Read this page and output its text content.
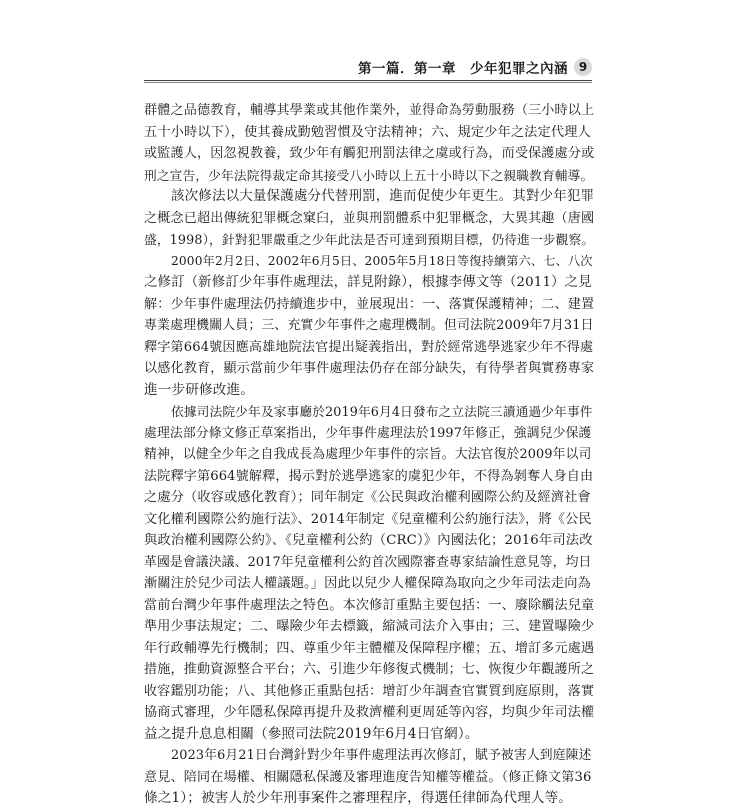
第一篇．第一章　少年犯罪之內涵 9
群體之品德教育，輔導其學業或其他作業外，並得命為勞動服務（三小時以上
五十小時以下），使其養成勤勉習慣及守法精神；六、規定少年之法定代理人
或監護人，因忽視教養，致少年有觸犯刑罰法律之虞或行為，而受保護處分或
刑之宣告，少年法院得裁定命其接受八小時以上五十小時以下之親職教育輔導。
該次修法以大量保護處分代替刑罰，進而促使少年更生。其對少年犯罪
之概念已超出傳統犯罪概念窠臼，並與刑罰體系中犯罪概念，大異其趣（唐國
盛，1998），針對犯罪嚴重之少年此法是否可達到預期目標，仍待進一步觀察。
2000年2月2日、2002年6月5日、2005年5月18日等復持續第六、七、八次
之修訂（新修訂少年事件處理法，詳見附錄），根據李傳文等（2011）之見
解：少年事件處理法仍持續進步中，並展現出：一、落實保護精神；二、建置
專業處理機關人員；三、充實少年事件之處理機制。但司法院2009年7月31日
釋字第664號因應高雄地院法官提出疑義指出，對於經常逃學逃家少年不得處
以感化教育，顯示當前少年事件處理法仍存在部分缺失，有待學者與實務專家
進一步研修改進。
依據司法院少年及家事廳於2019年6月4日發布之立法院三讀通過少年事件
處理法部分條文修正草案指出，少年事件處理法於1997年修正，強調兒少保護
精神，以健全少年之自我成長為處理少年事件的宗旨。大法官復於2009年以司
法院釋字第664號解釋，揭示對於逃學逃家的虞犯少年，不得為剝奪人身自由
之處分（收容或感化教育）；同年制定《公民與政治權利國際公約及經濟社會
文化權利國際公約施行法》、2014年制定《兒童權利公約施行法》，將《公民
與政治權利國際公約》、《兒童權利公約（CRC）》內國法化；2016年司法改
革國是會議決議、2017年兒童權利公約首次國際審查專家結論性意見等，均日
漸關注於兒少司法人權議題。」因此以兒少人權保障為取向之少年司法走向為
當前台灣少年事件處理法之特色。本次修訂重點主要包括：一、廢除觸法兒童
準用少事法規定；二、曝險少年去標籤，縮減司法介入事由；三、建置曝險少
年行政輔導先行機制；四、尊重少年主體權及保障程序權；五、增訂多元處遇
措施，推動資源整合平台；六、引進少年修復式機制；七、恢復少年觀護所之
收容鑑別功能；八、其他修正重點包括：增訂少年調查官實質到庭原則，落實
協商式審理，少年隱私保障再提升及救濟權利更周延等內容，均與少年司法權
益之提升息息相關（參照司法院2019年6月4日官網）。
2023年6月21日台灣針對少年事件處理法再次修訂，賦予被害人到庭陳述
意見、陪同在場權、相關隱私保護及審理進度告知權等權益。（修正條文第36
條之1）；被害人於少年刑事案件之審理程序，得選任律師為代理人等。
